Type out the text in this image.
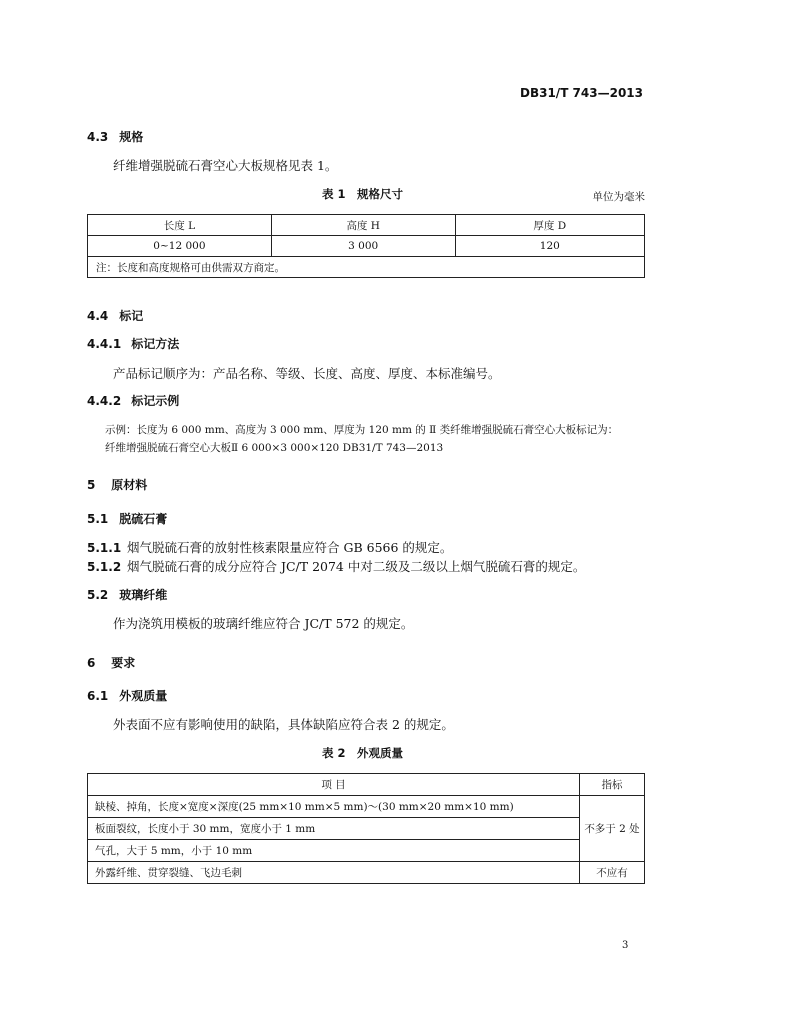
DB31/T 743—2013
4.3 规格
纤维增强脱硫石膏空心大板规格见表 1。
表 1　规格尺寸	单位为毫米
长度 L	高度 H	厚度 D
0~12 000	3 000	120
注：长度和高度规格可由供需双方商定。		
4.4 标记
4.4.1 标记方法
产品标记顺序为：产品名称、等级、长度、高度、厚度、本标准编号。
4.4.2 标记示例
示例：长度为 6 000 mm、高度为 3 000 mm、厚度为 120 mm 的 Ⅱ 类纤维增强脱硫石膏空心大板标记为：
纤维增强脱硫石膏空心大板Ⅱ 6 000×3 000×120 DB31/T 743—2013
5 原材料
5.1 脱硫石膏
5.1.1 烟气脱硫石膏的放射性核素限量应符合 GB 6566 的规定。
5.1.2 烟气脱硫石膏的成分应符合 JC/T 2074 中对二级及二级以上烟气脱硫石膏的规定。
5.2 玻璃纤维
作为浇筑用模板的玻璃纤维应符合 JC/T 572 的规定。
6 要求
6.1 外观质量
外表面不应有影响使用的缺陷，具体缺陷应符合表 2 的规定。
表 2　外观质量
项 目	指标
缺棱、掉角，长度×宽度×深度(25 mm×10 mm×5 mm)～(30 mm×20 mm×10 mm)	不多于 2 处
板面裂纹，长度小于 30 mm，宽度小于 1 mm	
气孔，大于 5 mm，小于 10 mm	
外露纤维、贯穿裂缝、飞边毛刺	不应有
3
